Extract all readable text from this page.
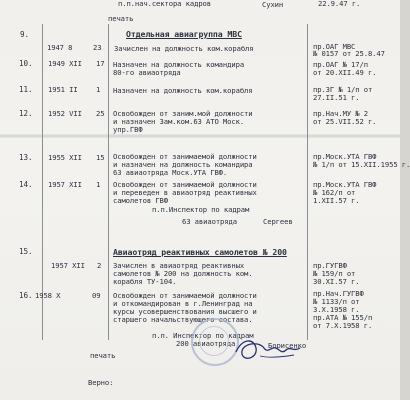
п.п.нач.сектора кадров	Сухин	22.9.47 г.
печать
9.	Отдельная авиагруппа МВС
1947 8	23 Зачислен на должность ком.корабля	пр.ОАГ МВС
№ 0157 от 25.8.47
10. 1949 XII 17 Назначен на должность командира
80-го авиаотряда
пр.ОАГ № 17/п
от 20.XII.49 г.
11. 1951 II	1 Назначен на должность ком.корабля	пр.ЗГ № 1/п от
27.II.51 г.
12. 1952 VII 25 Освобожден от заним.мой должности
и назначен Зам.ком.63 АТО Моск.
упр.ГВФ
пр.Нач.МУ № 2
от 25.VII.52 г.
13. 1955 XII 15 Освобожден от занимаемой должности
и назначен на должность командира
63 авиаотряда Моск.УТА ГВФ.
пр.Моск.УТА ГВФ
№ 1/п от 15.XII.1955 г.
14. 1957 XII 1 Освобожден от занимаемой должности
и переведен в авиаотряд реактивных
самолетов ГВФ
пр.Моск.УТА ГВФ
№ 162/п от
1.XII.57 г.
п.п.Инспектор по кадрам
63 авиаотряда	Сергеев
15.	Авиаотряд реактивных самолетов № 200
1957 XII 2 Зачислен в авиаотряд реактивных
самолетов № 200 на должность ком.
корабля ТУ-104.
пр.ГУГВФ
№ 159/п от
30.XI.57 г.
16. 1958 X	09 Освобожден от занимаемой должности
и откомандирован в г.Ленинград на
курсы усовершенствования высшего и
старшего начальствующего состава.
пр.Нач.ГУГВФ
№ 1133/п от
3.X.1958 г.
пр.АТА № 155/п
от 7.X.1958 г.
п.п. Инспектор по кадрам
200 авиаотряда	Борисенко
печать
Верно:
